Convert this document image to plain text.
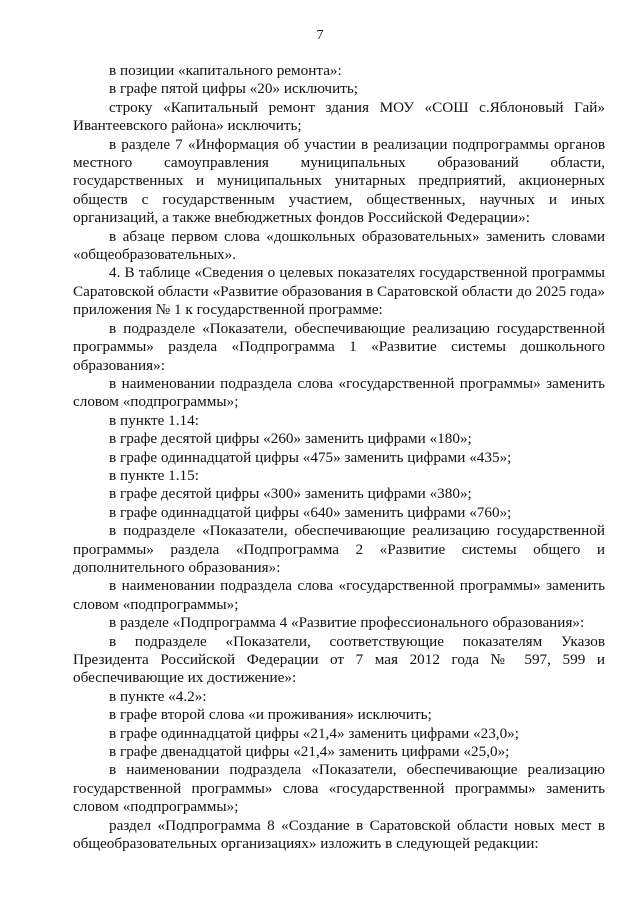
7

в позиции «капитального ремонта»:

в графе пятой цифры «20» исключить;

строку «Капитальный ремонт здания МОУ «СОШ с.Яблоновый Гай» Ивантеевского района» исключить;

в разделе 7 «Информация об участии в реализации подпрограммы органов местного самоуправления муниципальных образований области, государственных и муниципальных унитарных предприятий, акционерных обществ с государственным участием, общественных, научных и иных организаций, а также внебюджетных фондов Российской Федерации»:

в абзаце первом слова «дошкольных образовательных» заменить словами «общеобразовательных».

4. В таблице «Сведения о целевых показателях государственной программы Саратовской области «Развитие образования в Саратовской области до 2025 года» приложения № 1 к государственной программе:

в подразделе «Показатели, обеспечивающие реализацию государственной программы» раздела «Подпрограмма 1 «Развитие системы дошкольного образования»:

в наименовании подраздела слова «государственной программы» заменить словом «подпрограммы»;

в пункте 1.14:

в графе десятой цифры «260» заменить цифрами «180»;

в графе одиннадцатой цифры «475» заменить цифрами «435»;

в пункте 1.15:

в графе десятой цифры «300» заменить цифрами «380»;

в графе одиннадцатой цифры «640» заменить цифрами «760»;

в подразделе «Показатели, обеспечивающие реализацию государственной программы» раздела «Подпрограмма 2 «Развитие системы общего и дополнительного образования»:

в наименовании подраздела слова «государственной программы» заменить словом «подпрограммы»;

в разделе «Подпрограмма 4 «Развитие профессионального образования»:

в подразделе «Показатели, соответствующие показателям Указов Президента Российской Федерации от 7 мая 2012 года № 597, 599 и обеспечивающие их достижение»:

в пункте «4.2»:

в графе второй слова «и проживания» исключить;

в графе одиннадцатой цифры «21,4» заменить цифрами «23,0»;

в графе двенадцатой цифры «21,4» заменить цифрами «25,0»;

в наименовании подраздела «Показатели, обеспечивающие реализацию государственной программы» слова «государственной программы» заменить словом «подпрограммы»;

раздел «Подпрограмма 8 «Создание в Саратовской области новых мест в общеобразовательных организациях» изложить в следующей редакции:
